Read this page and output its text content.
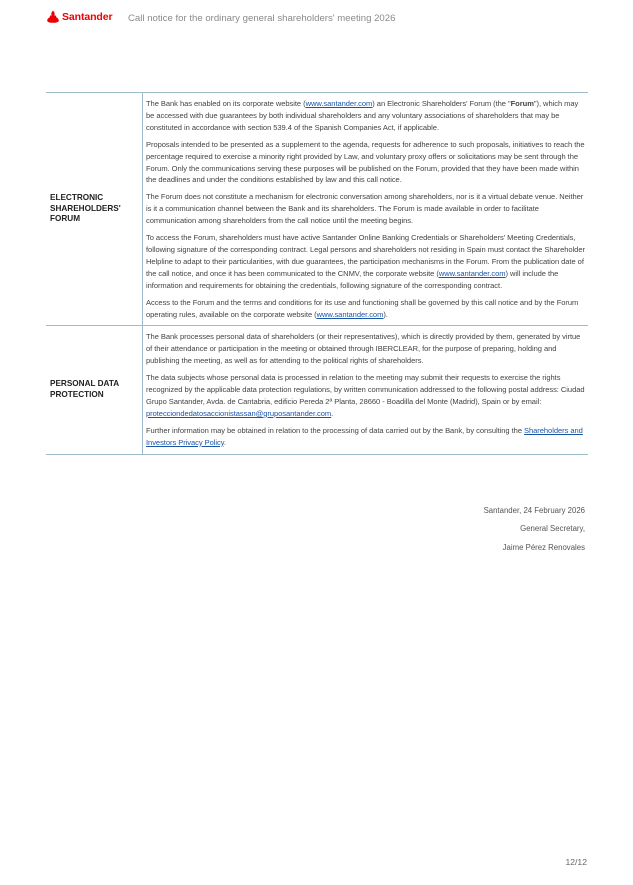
Santander Call notice for the ordinary general shareholders' meeting 2026
ELECTRONIC SHAREHOLDERS' FORUM	The Bank has enabled on its corporate website (www.santander.com) an Electronic Shareholders' Forum (the "Forum"), which may be accessed with due guarantees by both individual shareholders and any voluntary associations of shareholders that may be constituted in accordance with section 539.4 of the Spanish Companies Act, if applicable.

Proposals intended to be presented as a supplement to the agenda, requests for adherence to such proposals, initiatives to reach the percentage required to exercise a minority right provided by Law, and voluntary proxy offers or solicitations may be sent through the Forum. Only the communications serving these purposes will be published on the Forum, provided that they have been made within the deadlines and under the conditions established by law and this call notice.

The Forum does not constitute a mechanism for electronic conversation among shareholders, nor is it a virtual debate venue. Neither is it a communication channel between the Bank and its shareholders. The Forum is made available in order to facilitate communication among shareholders from the call notice until the meeting begins.

To access the Forum, shareholders must have active Santander Online Banking Credentials or Shareholders' Meeting Credentials, following signature of the corresponding contract. Legal persons and shareholders not residing in Spain must contact the Shareholder Helpline to adapt to their particularities, with due guarantees, the participation mechanisms in the Forum. From the publication date of the call notice, and once it has been communicated to the CNMV, the corporate website (www.santander.com) will include the information and requirements for obtaining the credentials, following signature of the corresponding contract.

Access to the Forum and the terms and conditions for its use and functioning shall be governed by this call notice and by the Forum operating rules, available on the corporate website (www.santander.com).

PERSONAL DATA PROTECTION	The Bank processes personal data of shareholders (or their representatives), which is directly provided by them, generated by virtue of their attendance or participation in the meeting or obtained through IBERCLEAR, for the purpose of preparing, holding and publishing the meeting, as well as for attending to the political rights of shareholders.

The data subjects whose personal data is processed in relation to the meeting may submit their requests to exercise the rights recognized by the applicable data protection regulations, by written communication addressed to the following postal address: Ciudad Grupo Santander, Avda. de Cantabria, edificio Pereda 2ª Planta, 28660 - Boadilla del Monte (Madrid), Spain or by email: protecciondedatosaccionistassan@gruposantander.com.

Further information may be obtained in relation to the processing of data carried out by the Bank, by consulting the Shareholders and Investors Privacy Policy.

Santander, 24 February 2026
General Secretary,
Jaime Pérez Renovales
12/12
